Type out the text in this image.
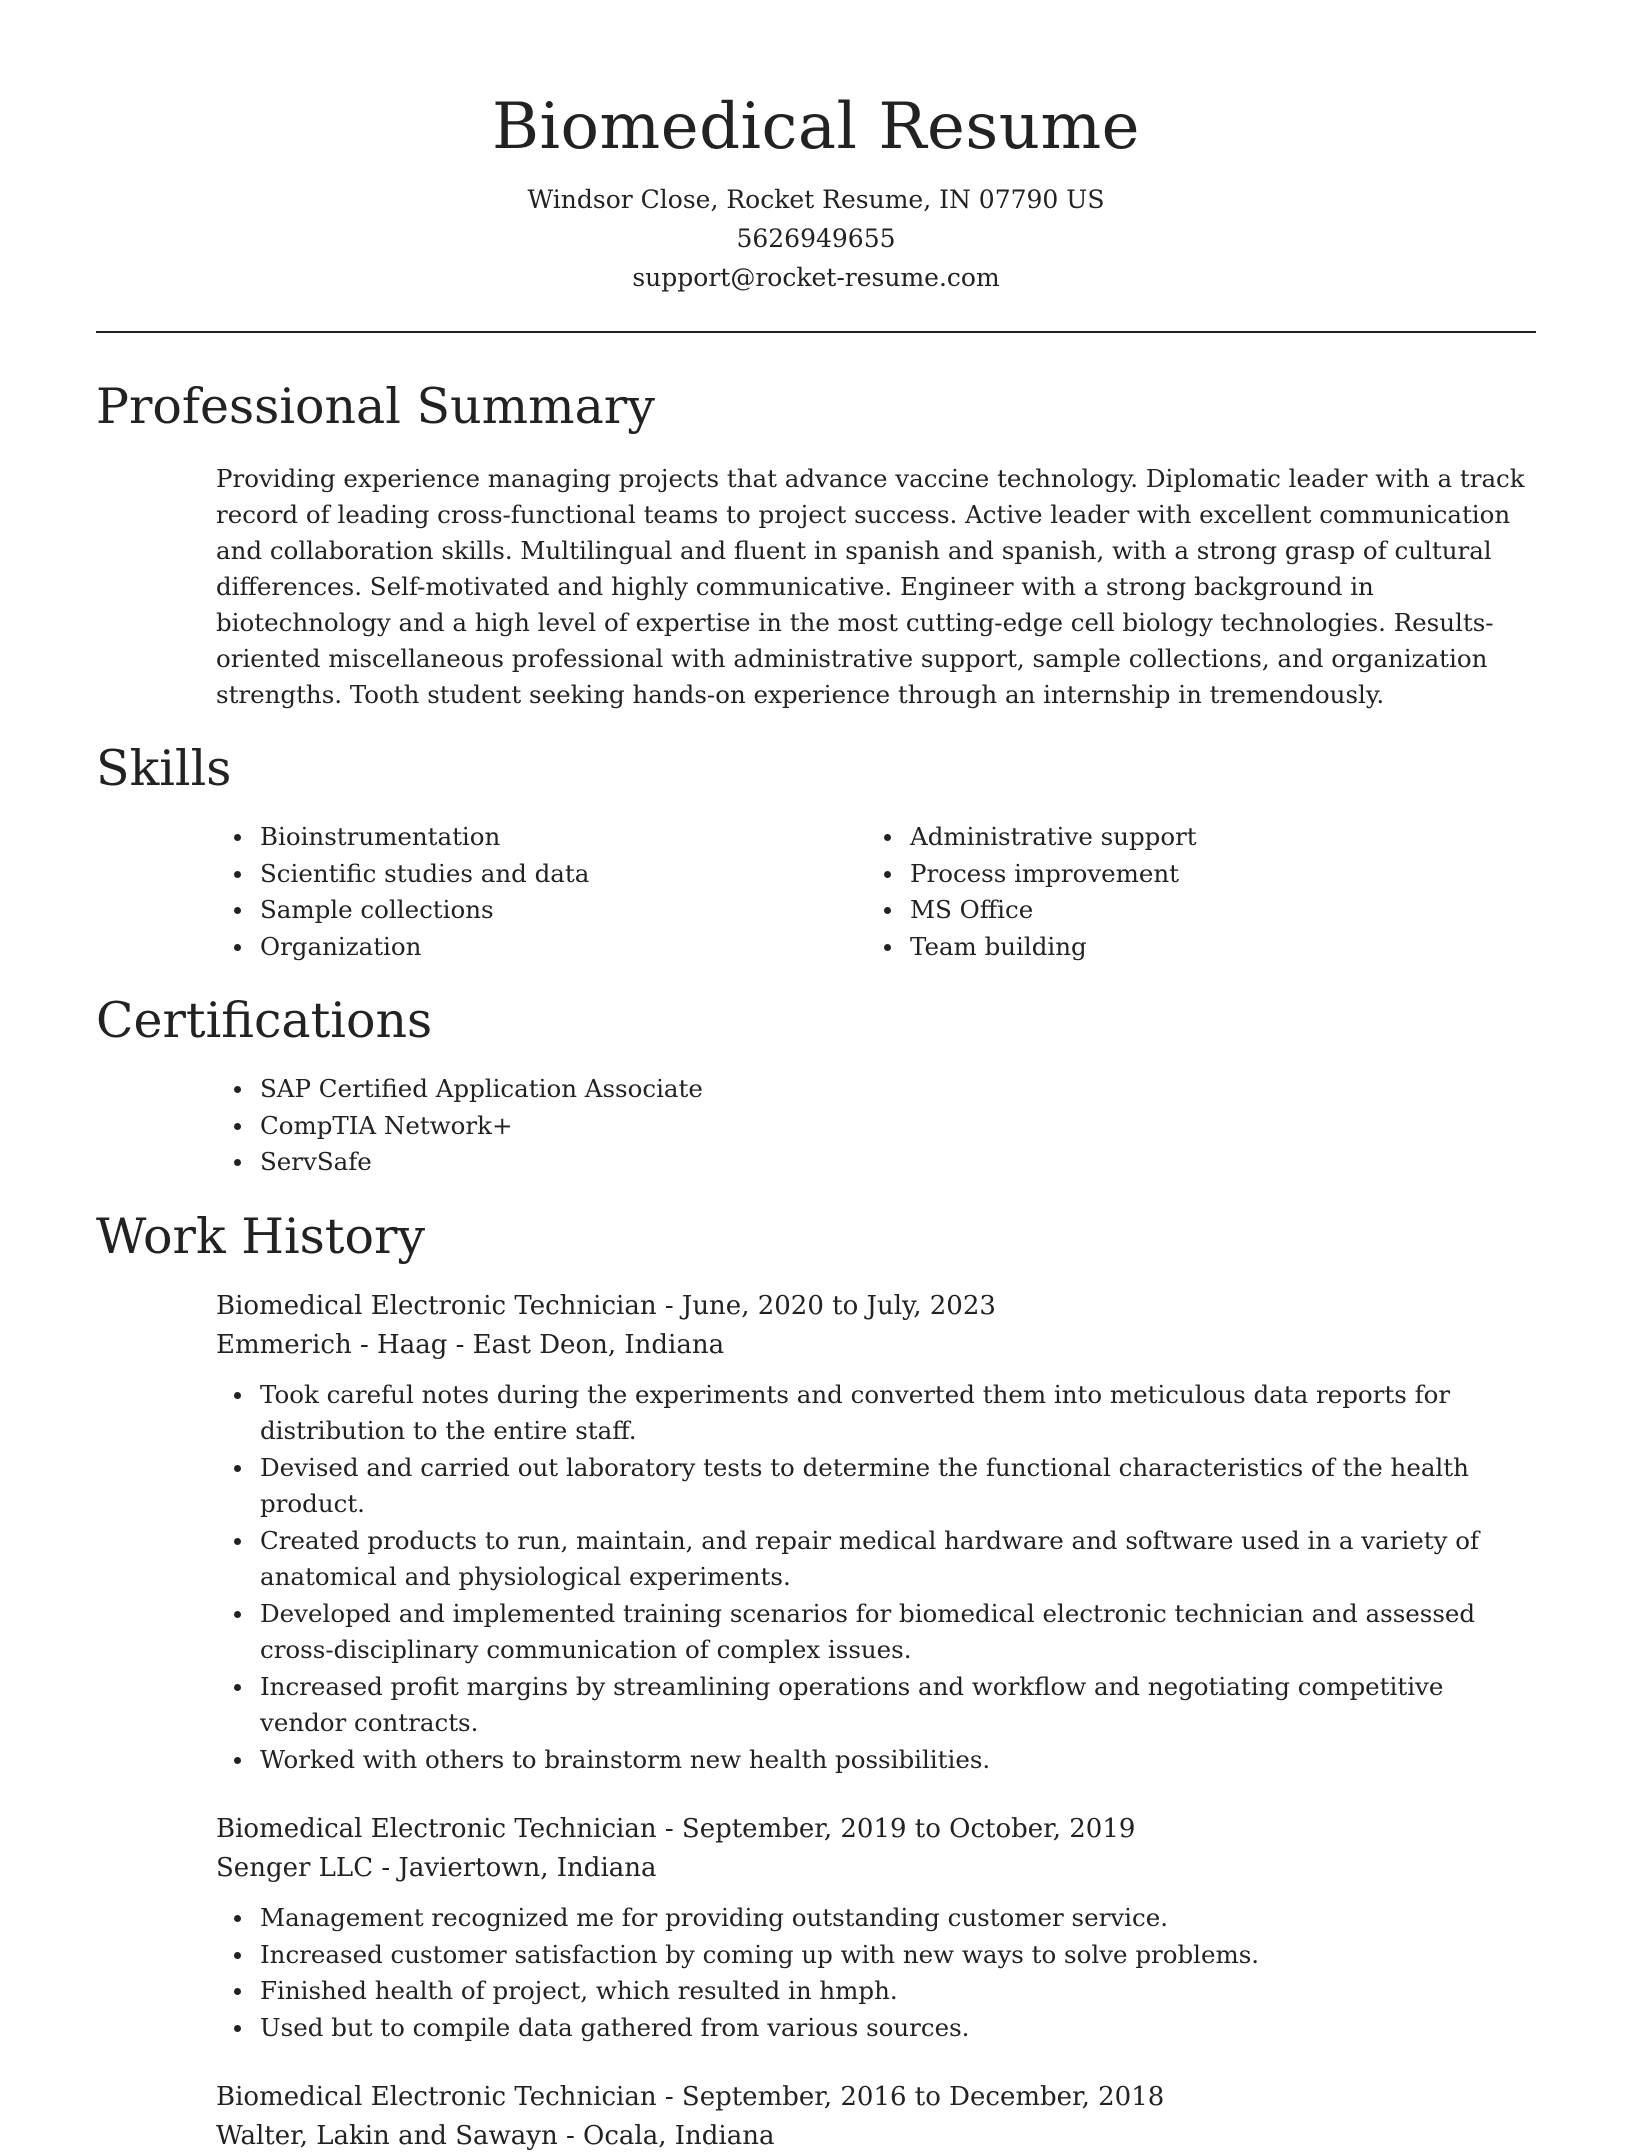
Biomedical Resume
Windsor Close, Rocket Resume, IN 07790 US
5626949655
support@rocket-resume.com
Professional Summary

Providing experience managing projects that advance vaccine technology. Diplomatic leader with a track record of leading cross-functional teams to project success. Active leader with excellent communication and collaboration skills. Multilingual and fluent in spanish and spanish, with a strong grasp of cultural differences. Self-motivated and highly communicative. Engineer with a strong background in biotechnology and a high level of expertise in the most cutting-edge cell biology technologies. Results-oriented miscellaneous professional with administrative support, sample collections, and organization strengths. Tooth student seeking hands-on experience through an internship in tremendously.

Skills
Bioinstrumentation
Scientific studies and data
Sample collections
Organization
Administrative support
Process improvement
MS Office
Team building
Certifications
SAP Certified Application Associate
CompTIA Network+
ServSafe
Work History
Biomedical Electronic Technician - June, 2020 to July, 2023
Emmerich - Haag - East Deon, Indiana
Took careful notes during the experiments and converted them into meticulous data reports for distribution to the entire staff.
Devised and carried out laboratory tests to determine the functional characteristics of the health product.
Created products to run, maintain, and repair medical hardware and software used in a variety of anatomical and physiological experiments.
Developed and implemented training scenarios for biomedical electronic technician and assessed cross-disciplinary communication of complex issues.
Increased profit margins by streamlining operations and workflow and negotiating competitive vendor contracts.
Worked with others to brainstorm new health possibilities.
Biomedical Electronic Technician - September, 2019 to October, 2019
Senger LLC - Javiertown, Indiana
Management recognized me for providing outstanding customer service.
Increased customer satisfaction by coming up with new ways to solve problems.
Finished health of project, which resulted in hmph.
Used but to compile data gathered from various sources.
Biomedical Electronic Technician - September, 2016 to December, 2018
Walter, Lakin and Sawayn - Ocala, Indiana
